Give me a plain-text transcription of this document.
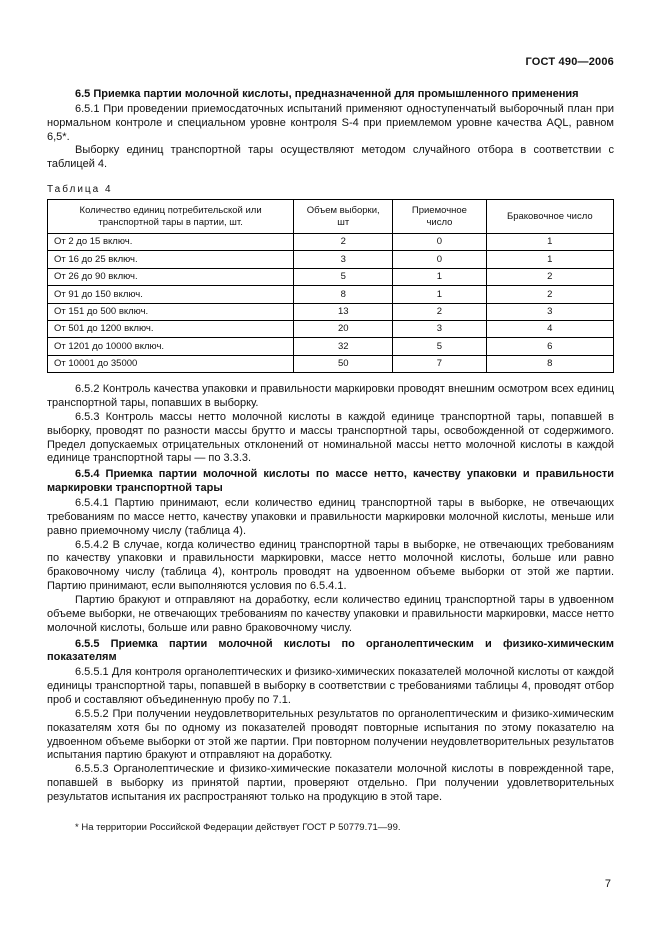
ГОСТ 490—2006

6.5 Приемка партии молочной кислоты, предназначенной для промышленного применения

6.5.1 При проведении приемосдаточных испытаний применяют одноступенчатый выборочный план при нормальном контроле и специальном уровне контроля S-4 при приемлемом уровне качества AQL, равном 6,5*.

Выборку единиц транспортной тары осуществляют методом случайного отбора в соответствии с таблицей 4.

Таблица 4
Количество единиц потребительской или транспортной тары в партии, шт.	Объем выборки, шт	Приемочное число	Браковочное число
От 2 до 15 включ.	2	0	1
От 16 до 25 включ.	3	0	1
От 26 до 90 включ.	5	1	2
От 91 до 150 включ.	8	1	2
От 151 до 500 включ.	13	2	3
От 501 до 1200 включ.	20	3	4
От 1201 до 10000 включ.	32	5	6
От 10001 до 35000	50	7	8

6.5.2 Контроль качества упаковки и правильности маркировки проводят внешним осмотром всех единиц транспортной тары, попавших в выборку.

6.5.3 Контроль массы нетто молочной кислоты в каждой единице транспортной тары, попавшей в выборку, проводят по разности массы брутто и массы транспортной тары, освобожденной от содержимого. Предел допускаемых отрицательных отклонений от номинальной массы нетто молочной кислоты в каждой единице транспортной тары — по 3.3.3.

6.5.4 Приемка партии молочной кислоты по массе нетто, качеству упаковки и правильности маркировки транспортной тары

6.5.4.1 Партию принимают, если количество единиц транспортной тары в выборке, не отвечающих требованиям по массе нетто, качеству упаковки и правильности маркировки молочной кислоты, меньше или равно приемочному числу (таблица 4).

6.5.4.2 В случае, когда количество единиц транспортной тары в выборке, не отвечающих требованиям по качеству упаковки и правильности маркировки, массе нетто молочной кислоты, больше или равно браковочному числу (таблица 4), контроль проводят на удвоенном объеме выборки от этой же партии. Партию принимают, если выполняются условия по 6.5.4.1.

Партию бракуют и отправляют на доработку, если количество единиц транспортной тары в удвоенном объеме выборки, не отвечающих требованиям по качеству упаковки и правильности маркировки, массе нетто молочной кислоты, больше или равно браковочному числу.

6.5.5 Приемка партии молочной кислоты по органолептическим и физико-химическим показателям

6.5.5.1 Для контроля органолептических и физико-химических показателей молочной кислоты от каждой единицы транспортной тары, попавшей в выборку в соответствии с требованиями таблицы 4, проводят отбор проб и составляют объединенную пробу по 7.1.

6.5.5.2 При получении неудовлетворительных результатов по органолептическим и физико-химическим показателям хотя бы по одному из показателей проводят повторные испытания по этому показателю на удвоенном объеме выборки от этой же партии. При повторном получении неудовлетворительных результатов испытания партию бракуют и отправляют на доработку.

6.5.5.3 Органолептические и физико-химические показатели молочной кислоты в поврежденной таре, попавшей в выборку из принятой партии, проверяют отдельно. При получении удовлетворительных результатов испытания их распространяют только на продукцию в этой таре.

* На территории Российской Федерации действует ГОСТ Р 50779.71—99.
7
